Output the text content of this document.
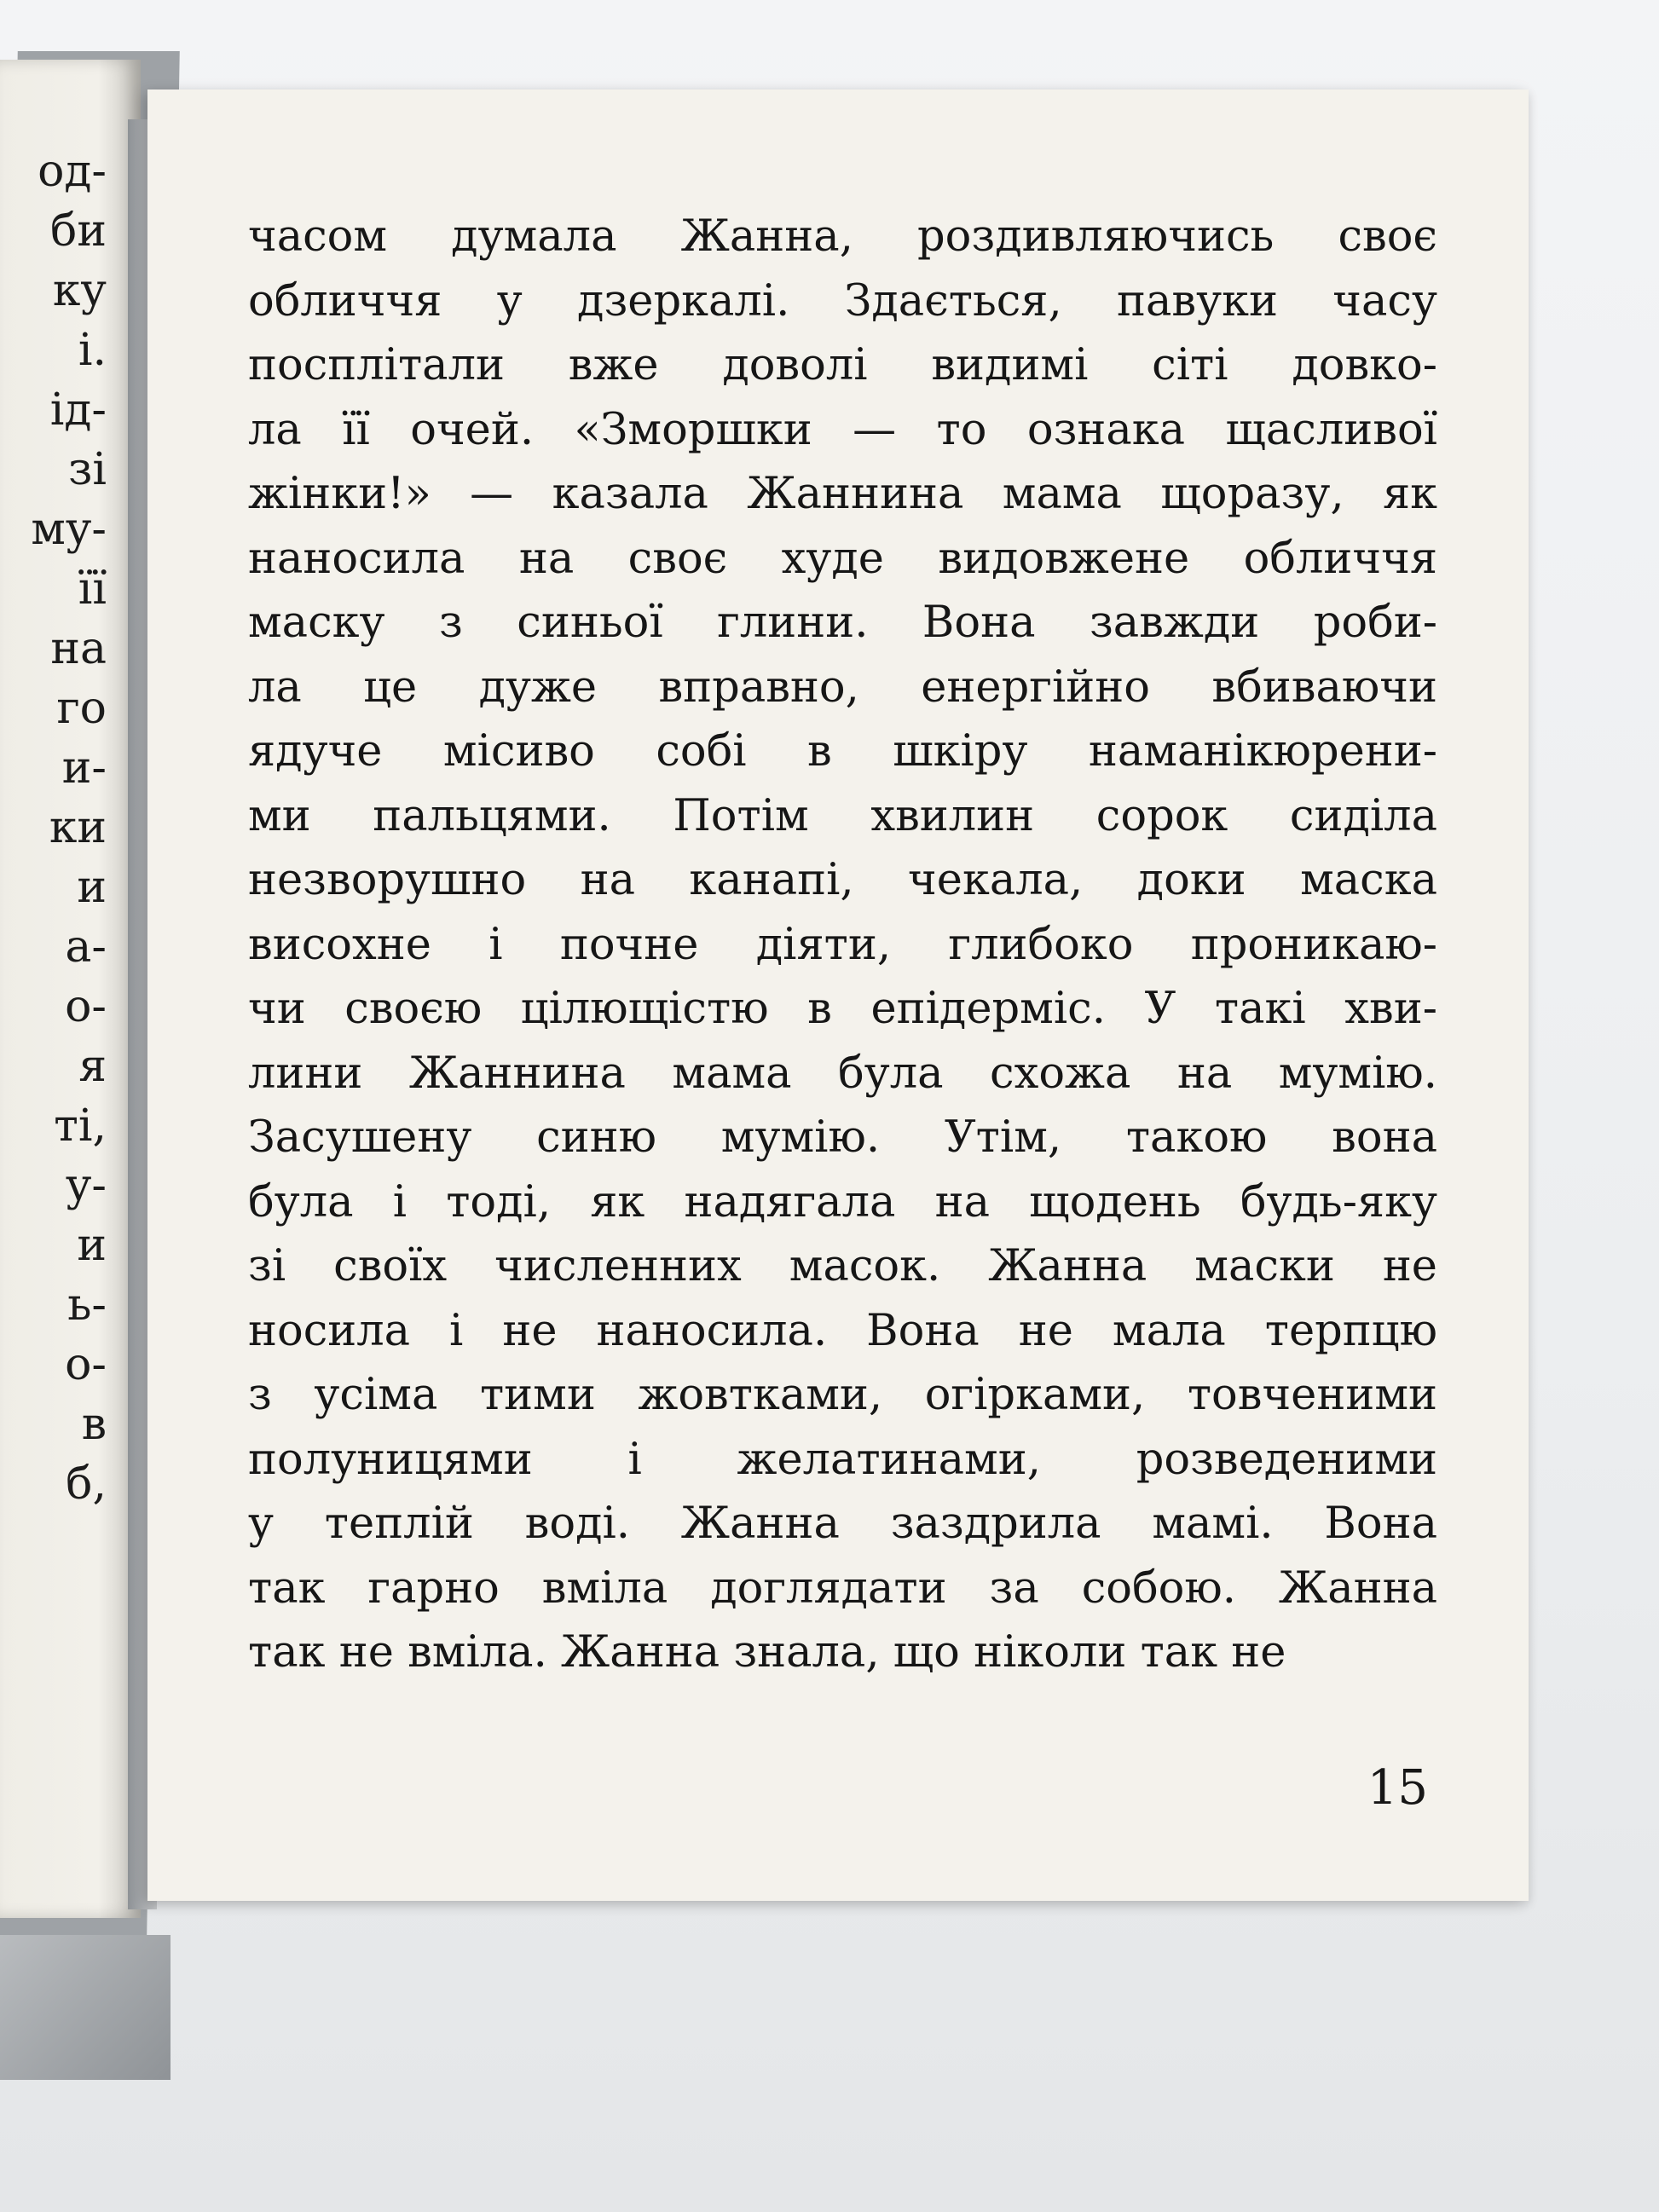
од-
би
ку
і.
ід-
зі
му-
її
на
го
и-
ки
и
а-
о-
я
ті,
у-
и
ь-
о-
в
б,
часом думала Жанна, роздивляючись своє
обличчя у дзеркалі. Здається, павуки часу
посплітали вже доволі видимі сіті довко-
ла її очей. «Зморшки — то ознака щасливої
жінки!» — казала Жаннина мама щоразу, як
наносила на своє худе видовжене обличчя
маску з синьої глини. Вона завжди роби-
ла це дуже вправно, енергійно вбиваючи
ядуче місиво собі в шкіру наманікюрени-
ми пальцями. Потім хвилин сорок сиділа
незворушно на канапі, чекала, доки маска
висохне і почне діяти, глибоко проникаю-
чи своєю цілющістю в епідерміс. У такі хви-
лини Жаннина мама була схожа на мумію.
Засушену синю мумію. Утім, такою вона
була і тоді, як надягала на щодень будь-яку
зі своїх численних масок. Жанна маски не
носила і не наносила. Вона не мала терпцю
з усіма тими жовтками, огірками, товченими
полуницями і желатинами, розведеними
у теплій воді. Жанна заздрила мамі. Вона
так гарно вміла доглядати за собою. Жанна
так не вміла. Жанна знала, що ніколи так не
15
